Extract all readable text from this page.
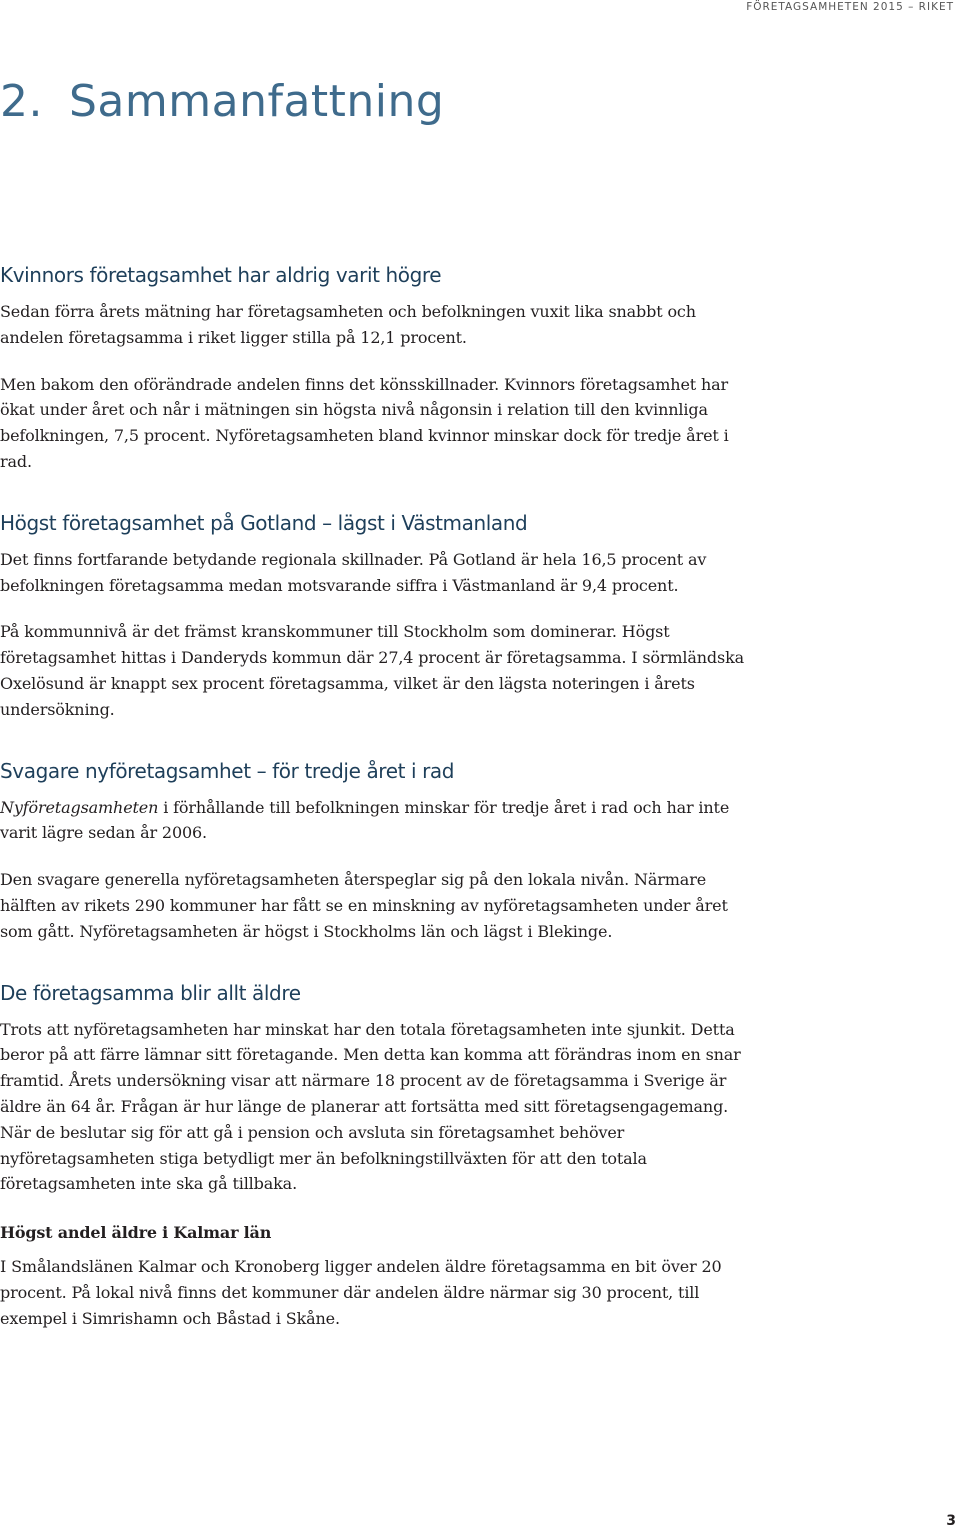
FÖRETAGSAMHETEN 2015 – RIKET
2. Sammanfattning
Kvinnors företagsamhet har aldrig varit högre

Sedan förra årets mätning har företagsamheten och befolkningen vuxit lika snabbt och andelen företagsamma i riket ligger stilla på 12,1 procent.

Men bakom den oförändrade andelen finns det könsskillnader. Kvinnors företagsamhet har ökat under året och når i mätningen sin högsta nivå någonsin i relation till den kvinnliga befolkningen, 7,5 procent. Nyföretagsamheten bland kvinnor minskar dock för tredje året i rad.

Högst företagsamhet på Gotland – lägst i Västmanland

Det finns fortfarande betydande regionala skillnader. På Gotland är hela 16,5 procent av befolkningen företagsamma medan motsvarande siffra i Västmanland är 9,4 procent.

På kommunnivå är det främst kranskommuner till Stockholm som dominerar. Högst företagsamhet hittas i Danderyds kommun där 27,4 procent är företagsamma. I sörmländska Oxelösund är knappt sex procent företagsamma, vilket är den lägsta noteringen i årets undersökning.

Svagare nyföretagsamhet – för tredje året i rad

Nyföretagsamheten i förhållande till befolkningen minskar för tredje året i rad och har inte varit lägre sedan år 2006.

Den svagare generella nyföretagsamheten återspeglar sig på den lokala nivån. Närmare hälften av rikets 290 kommuner har fått se en minskning av nyföretagsamheten under året som gått. Nyföretagsamheten är högst i Stockholms län och lägst i Blekinge.

De företagsamma blir allt äldre

Trots att nyföretagsamheten har minskat har den totala företagsamheten inte sjunkit. Detta beror på att färre lämnar sitt företagande. Men detta kan komma att förändras inom en snar framtid. Årets undersökning visar att närmare 18 procent av de företagsamma i Sverige är äldre än 64 år. Frågan är hur länge de planerar att fortsätta med sitt företagsengagemang. När de beslutar sig för att gå i pension och avsluta sin företagsamhet behöver nyföretagsamheten stiga betydligt mer än befolkningstillväxten för att den totala företagsamheten inte ska gå tillbaka.

Högst andel äldre i Kalmar län

I Smålandslänen Kalmar och Kronoberg ligger andelen äldre företagsamma en bit över 20 procent. På lokal nivå finns det kommuner där andelen äldre närmar sig 30 procent, till exempel i Simrishamn och Båstad i Skåne.

3
